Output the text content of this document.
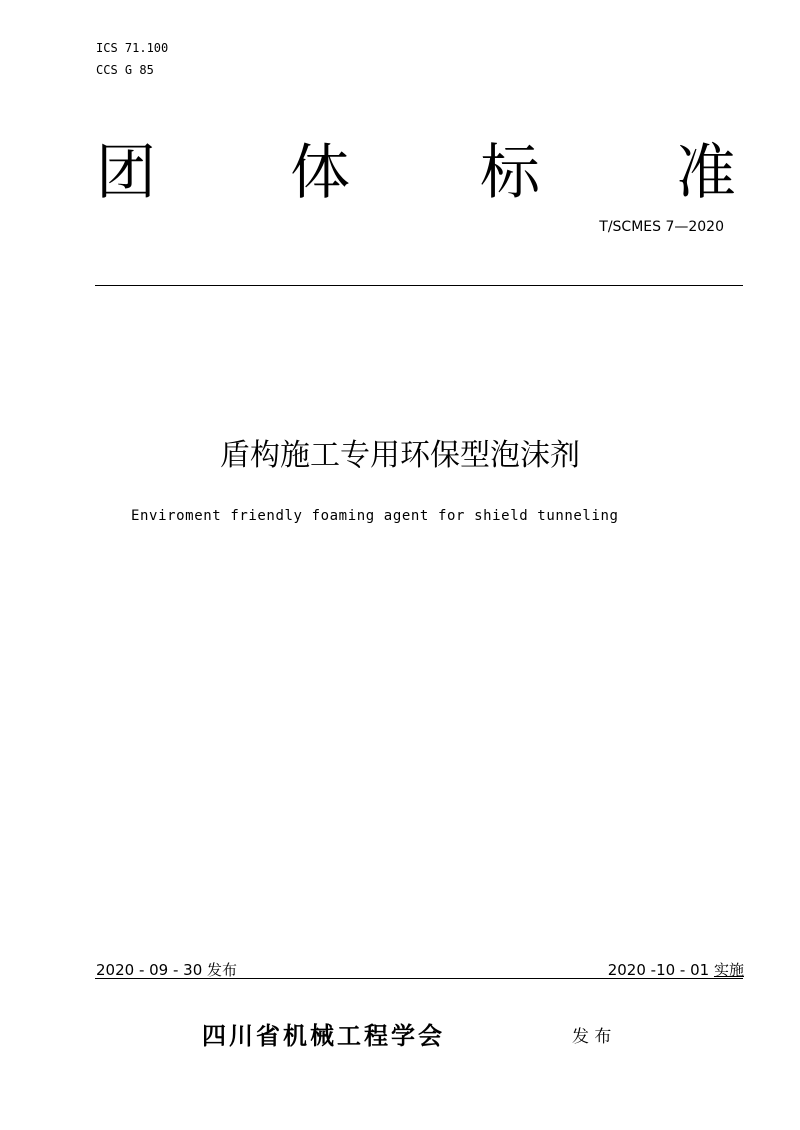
ICS 71.100
CCS G 85
团 体 标 准
T/SCMES 7—2020
盾构施工专用环保型泡沫剂
Enviroment friendly foaming agent for shield tunneling
2020 - 09 - 30 发布	2020 -10 - 01 实施
四川省机械工程学会	发 布
